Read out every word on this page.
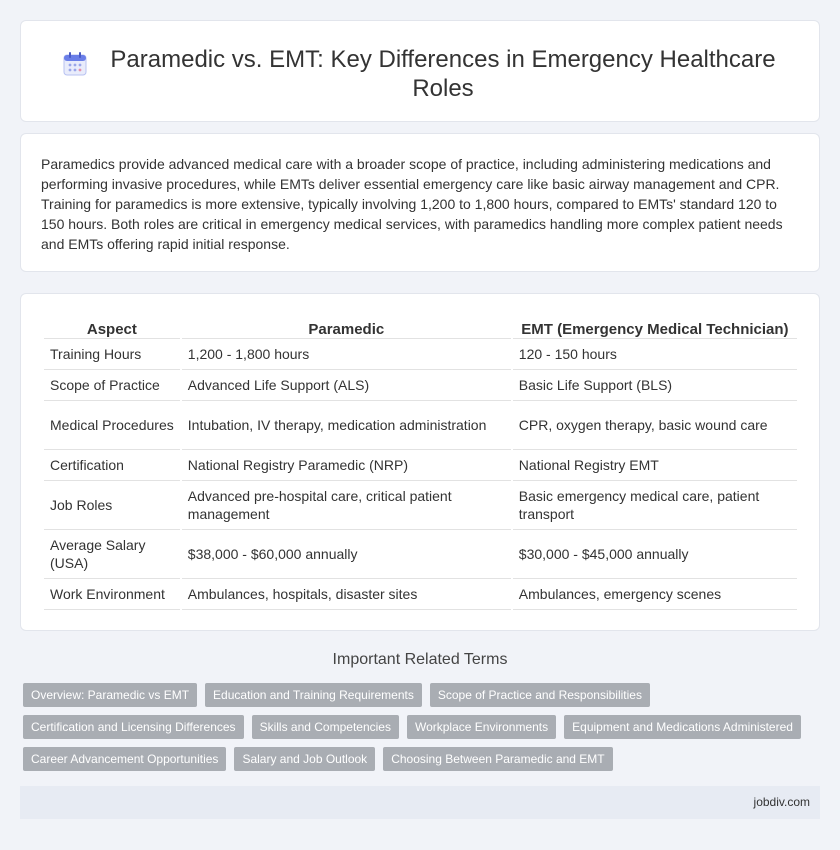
Paramedic vs. EMT: Key Differences in Emergency Healthcare Roles

Paramedics provide advanced medical care with a broader scope of practice, including administering medications and performing invasive procedures, while EMTs deliver essential emergency care like basic airway management and CPR. Training for paramedics is more extensive, typically involving 1,200 to 1,800 hours, compared to EMTs' standard 120 to 150 hours. Both roles are critical in emergency medical services, with paramedics handling more complex patient needs and EMTs offering rapid initial response.

Aspect	Paramedic	EMT (Emergency Medical Technician)
Training Hours	1,200 - 1,800 hours	120 - 150 hours
Scope of Practice	Advanced Life Support (ALS)	Basic Life Support (BLS)
Medical Procedures	Intubation, IV therapy, medication administration	CPR, oxygen therapy, basic wound care
Certification	National Registry Paramedic (NRP)	National Registry EMT
Job Roles	Advanced pre-hospital care, critical patient management	Basic emergency medical care, patient transport
Average Salary (USA)	$38,000 - $60,000 annually	$30,000 - $45,000 annually
Work Environment	Ambulances, hospitals, disaster sites	Ambulances, emergency scenes
Important Related Terms
Overview: Paramedic vs EMT	Education and Training Requirements	Scope of Practice and Responsibilities
Certification and Licensing Differences	Skills and Competencies	Workplace Environments	Equipment and Medications Administered
Career Advancement Opportunities	Salary and Job Outlook	Choosing Between Paramedic and EMT
jobdiv.com
